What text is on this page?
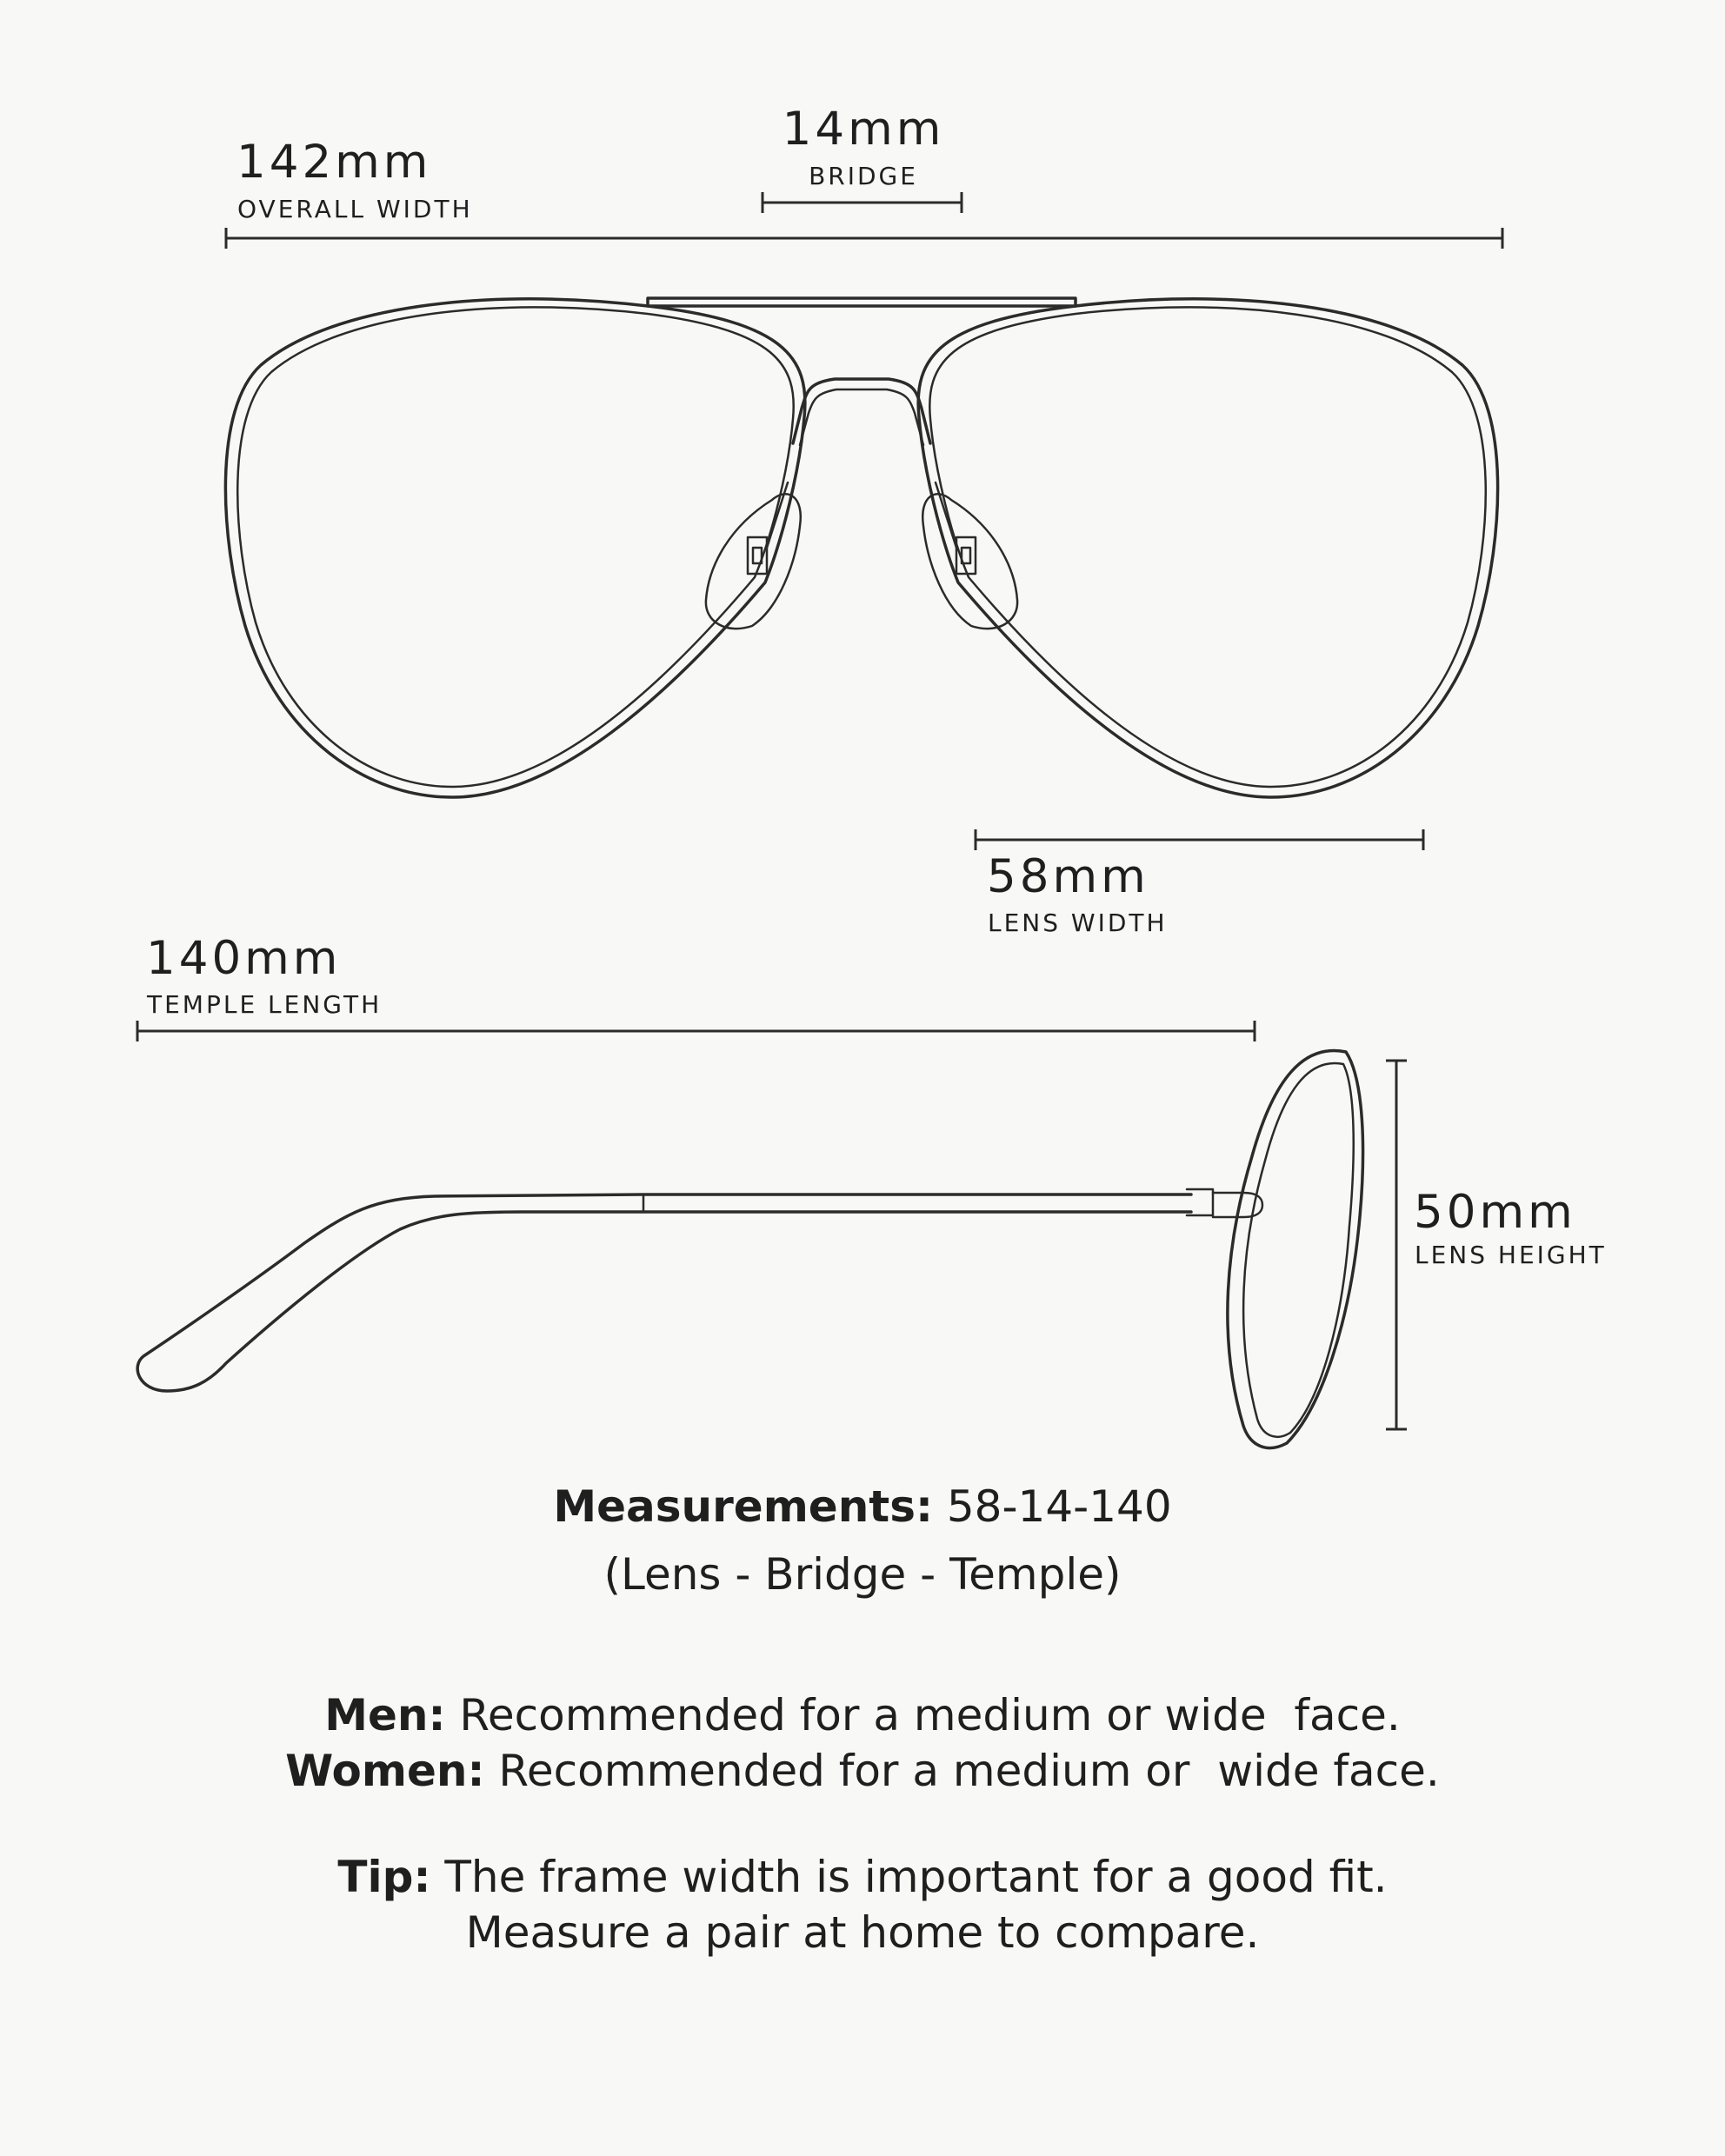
142mm
OVERALL WIDTH
14mm
BRIDGE
58mm
LENS WIDTH
140mm
TEMPLE LENGTH
50mm
LENS HEIGHT
Measurements: 58-14-140
(Lens - Bridge - Temple)
Men: Recommended for a medium or wide  face.
Women: Recommended for a medium or  wide face.
Tip: The frame width is important for a good fit.
Measure a pair at home to compare.
